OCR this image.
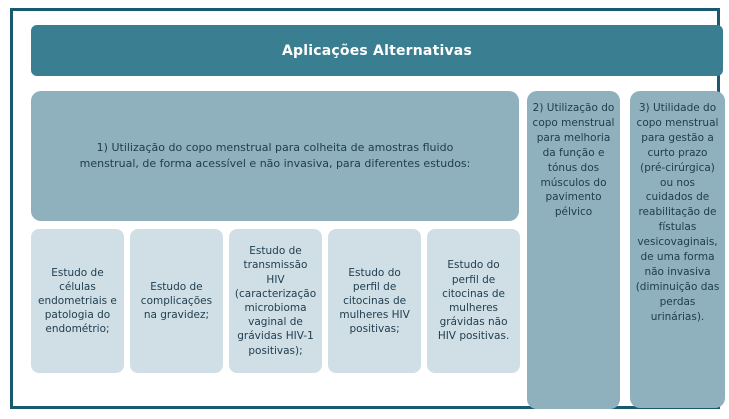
Aplicações Alternativas
1) Utilização do copo menstrual para colheita de amostras fluido menstrual, de forma acessível e não invasiva, para diferentes estudos:
Estudo de células endometriais e patologia do endométrio;
Estudo de complicações na gravidez;
Estudo de transmissão HIV (caracterização microbioma vaginal de grávidas HIV-1 positivas);
Estudo do perfil de citocinas de mulheres HIV positivas;
Estudo do perfil de citocinas de mulheres grávidas não HIV positivas.
2) Utilização do copo menstrual para melhoria da função e tónus dos músculos do pavimento pélvico
3) Utilidade do copo menstrual para gestão a curto prazo (pré-cirúrgica) ou nos cuidados de reabilitação de fístulas vesicovaginais, de uma forma não invasiva (diminuição das perdas urinárias).
